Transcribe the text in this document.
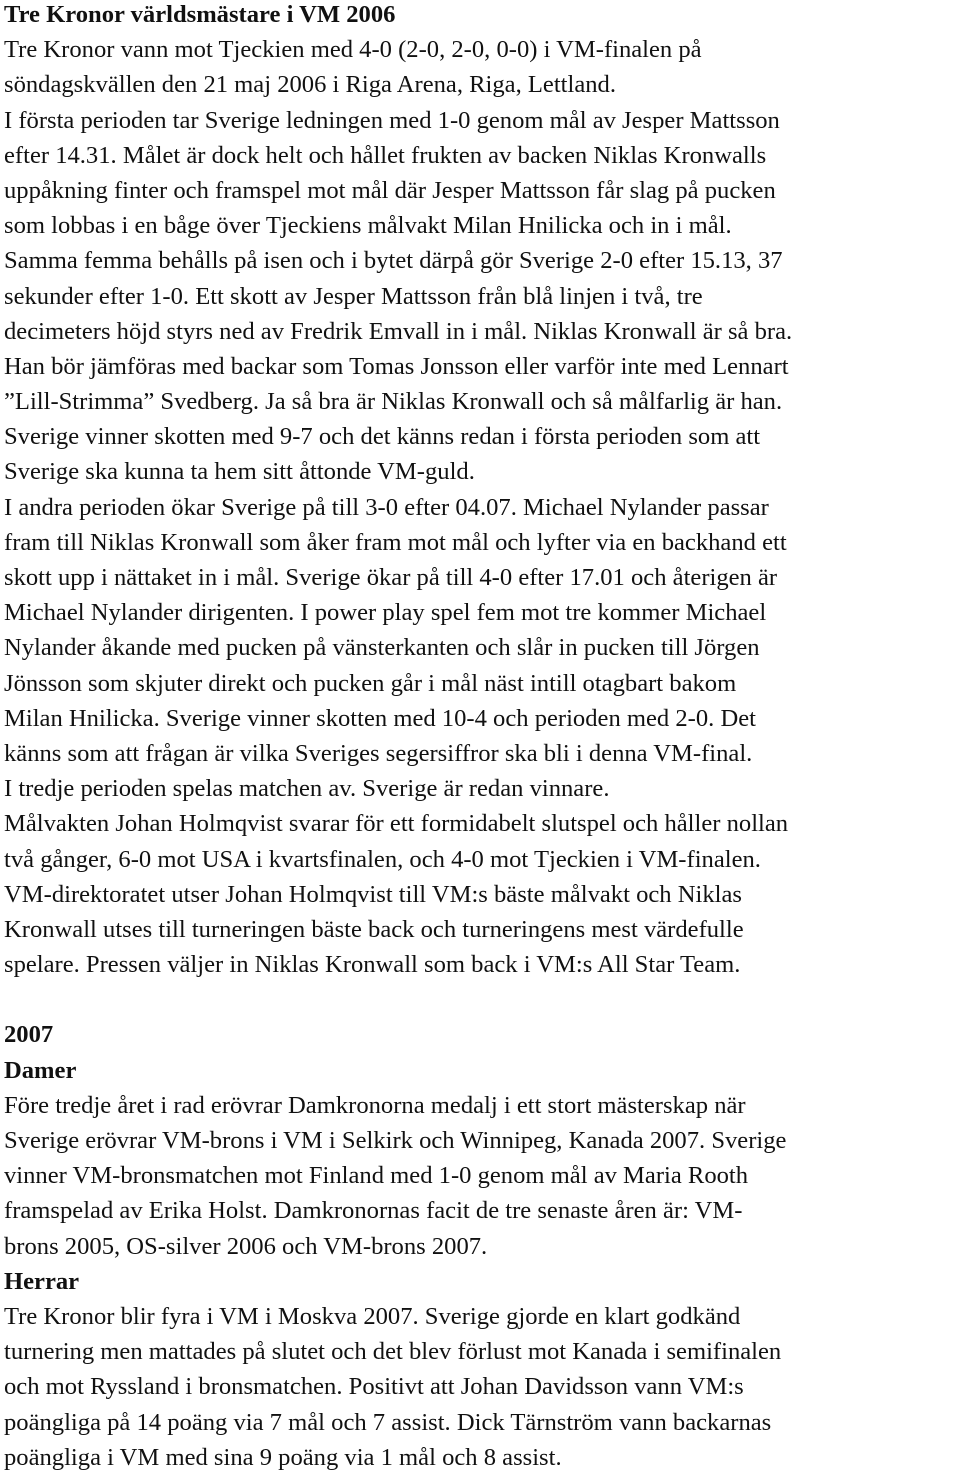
Tre Kronor världsmästare i VM 2006
Tre Kronor vann mot Tjeckien med 4-0 (2-0, 2-0, 0-0) i VM-finalen på
söndagskvällen den 21 maj 2006 i Riga Arena, Riga, Lettland.
I första perioden tar Sverige ledningen med 1-0 genom mål av Jesper Mattsson
efter 14.31. Målet är dock helt och hållet frukten av backen Niklas Kronwalls
uppåkning finter och framspel mot mål där Jesper Mattsson får slag på pucken
som lobbas i en båge över Tjeckiens målvakt Milan Hnilicka och in i mål.
Samma femma behålls på isen och i bytet därpå gör Sverige 2-0 efter 15.13, 37
sekunder efter 1-0. Ett skott av Jesper Mattsson från blå linjen i två, tre
decimeters höjd styrs ned av Fredrik Emvall in i mål. Niklas Kronwall är så bra.
Han bör jämföras med backar som Tomas Jonsson eller varför inte med Lennart
”Lill-Strimma” Svedberg. Ja så bra är Niklas Kronwall och så målfarlig är han.
Sverige vinner skotten med 9-7 och det känns redan i första perioden som att
Sverige ska kunna ta hem sitt åttonde VM-guld.
I andra perioden ökar Sverige på till 3-0 efter 04.07. Michael Nylander passar
fram till Niklas Kronwall som åker fram mot mål och lyfter via en backhand ett
skott upp i nättaket in i mål. Sverige ökar på till 4-0 efter 17.01 och återigen är
Michael Nylander dirigenten. I power play spel fem mot tre kommer Michael
Nylander åkande med pucken på vänsterkanten och slår in pucken till Jörgen
Jönsson som skjuter direkt och pucken går i mål näst intill otagbart bakom
Milan Hnilicka. Sverige vinner skotten med 10-4 och perioden med 2-0. Det
känns som att frågan är vilka Sveriges segersiffror ska bli i denna VM-final.
I tredje perioden spelas matchen av. Sverige är redan vinnare.
Målvakten Johan Holmqvist svarar för ett formidabelt slutspel och håller nollan
två gånger, 6-0 mot USA i kvartsfinalen, och 4-0 mot Tjeckien i VM-finalen.
VM-direktoratet utser Johan Holmqvist till VM:s bäste målvakt och Niklas
Kronwall utses till turneringen bäste back och turneringens mest värdefulle
spelare. Pressen väljer in Niklas Kronwall som back i VM:s All Star Team.
2007
Damer
Före tredje året i rad erövrar Damkronorna medalj i ett stort mästerskap när
Sverige erövrar VM-brons i VM i Selkirk och Winnipeg, Kanada 2007. Sverige
vinner VM-bronsmatchen mot Finland med 1-0 genom mål av Maria Rooth
framspelad av Erika Holst. Damkronornas facit de tre senaste åren är: VM-
brons 2005, OS-silver 2006 och VM-brons 2007.
Herrar
Tre Kronor blir fyra i VM i Moskva 2007. Sverige gjorde en klart godkänd
turnering men mattades på slutet och det blev förlust mot Kanada i semifinalen
och mot Ryssland i bronsmatchen. Positivt att Johan Davidsson vann VM:s
poängliga på 14 poäng via 7 mål och 7 assist. Dick Tärnström vann backarnas
poängliga i VM med sina 9 poäng via 1 mål och 8 assist.
